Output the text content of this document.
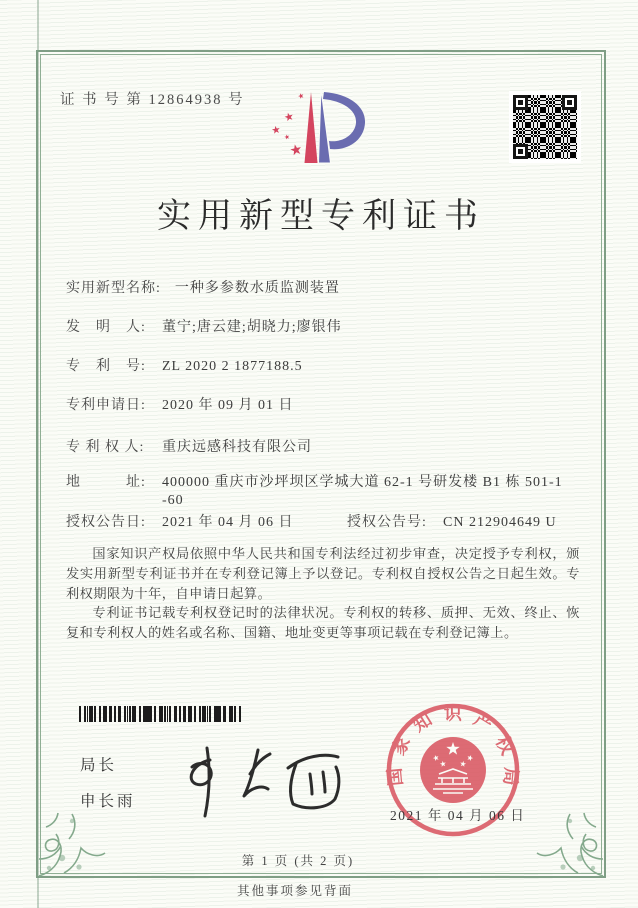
证 书 号 第 12864938 号
实用新型专利证书
实用新型名称: 一种多参数水质监测装置
发　明　人: 董宁;唐云建;胡晓力;廖银伟
专　利　号: ZL 2020 2 1877188.5
专利申请日: 2020 年 09 月 01 日
专 利 权 人: 重庆远感科技有限公司
地　　　址: 400000 重庆市沙坪坝区学城大道 62-1 号研发楼 B1 栋 501-1
-60
授权公告日: 2021 年 04 月 06 日	授权公告号: CN 212904649 U

国家知识产权局依照中华人民共和国专利法经过初步审查，决定授予专利权，颁发实用新型专利证书并在专利登记簿上予以登记。专利权自授权公告之日起生效。专利权期限为十年，自申请日起算。

专利证书记载专利权登记时的法律状况。专利权的转移、质押、无效、终止、恢复和专利权人的姓名或名称、国籍、地址变更等事项记载在专利登记簿上。

局长
申长雨
国家知识产权局
2021 年 04 月 06 日
第 1 页 (共 2 页)
其他事项参见背面
